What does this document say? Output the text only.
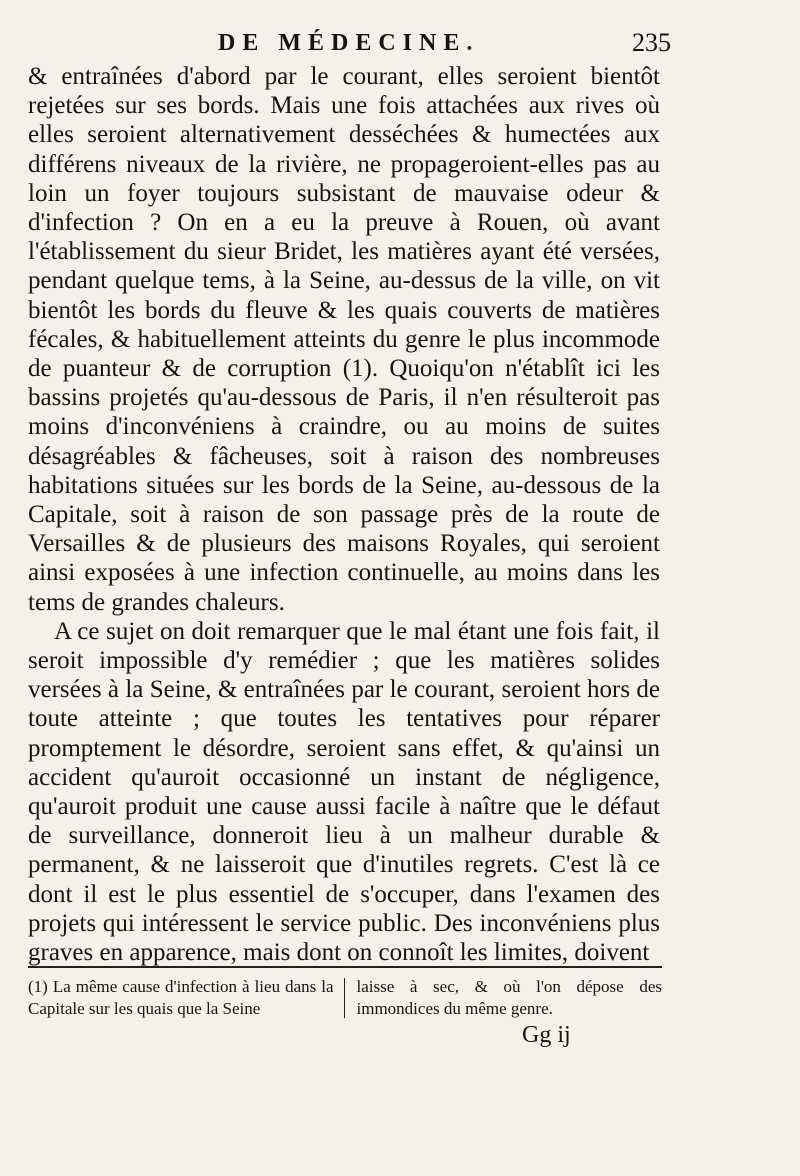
DE MÉDECINE.	235

& entraînées d'abord par le courant, elles seroient bientôt rejetées sur ses bords. Mais une fois attachées aux rives où elles seroient alternativement desséchées & humectées aux différens niveaux de la rivière, ne propageroient-elles pas au loin un foyer toujours subsistant de mauvaise odeur & d'infection ? On en a eu la preuve à Rouen, où avant l'établissement du sieur Bridet, les matières ayant été versées, pendant quelque tems, à la Seine, au-dessus de la ville, on vit bientôt les bords du fleuve & les quais couverts de matières fécales, & habituellement atteints du genre le plus incommode de puanteur & de corruption (1). Quoiqu'on n'établît ici les bassins projetés qu'au-dessous de Paris, il n'en résulteroit pas moins d'inconvéniens à craindre, ou au moins de suites désagréables & fâcheuses, soit à raison des nombreuses habitations situées sur les bords de la Seine, au-dessous de la Capitale, soit à raison de son passage près de la route de Versailles & de plusieurs des maisons Royales, qui seroient ainsi exposées à une infection continuelle, au moins dans les tems de grandes chaleurs.

A ce sujet on doit remarquer que le mal étant une fois fait, il seroit impossible d'y remédier ; que les matières solides versées à la Seine, & entraînées par le courant, seroient hors de toute atteinte ; que toutes les tentatives pour réparer promptement le désordre, seroient sans effet, & qu'ainsi un accident qu'auroit occasionné un instant de négligence, qu'auroit produit une cause aussi facile à naître que le défaut de surveillance, donneroit lieu à un malheur durable & permanent, & ne laisseroit que d'inutiles regrets. C'est là ce dont il est le plus essentiel de s'occuper, dans l'examen des projets qui intéressent le service public. Des inconvéniens plus graves en apparence, mais dont on connoît les limites, doivent

(1) La même cause d'infection à lieu dans la Capitale sur les quais que la Seine
laisse à sec, & où l'on dépose des immondices du même genre.
Gg ij
